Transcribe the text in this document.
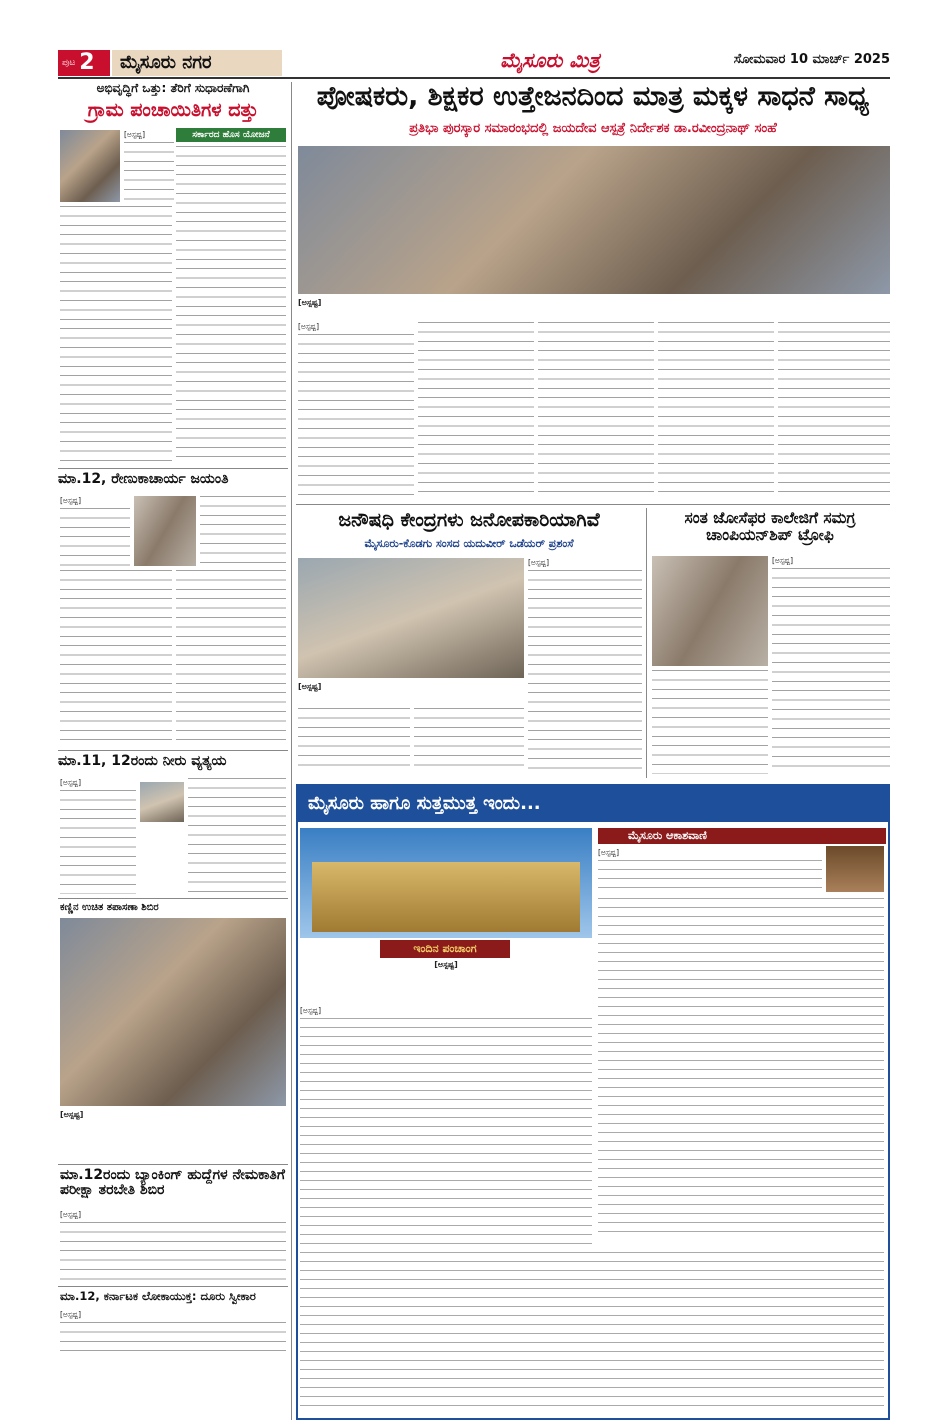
ಪುಟ 2	ಮೈಸೂರು ನಗರ	ಮೈಸೂರು ಮಿತ್ರ	ಸೋಮವಾರ 10 ಮಾರ್ಚ್ 2025
ಅಭಿವೃದ್ಧಿಗೆ ಒತ್ತು: ತೆರಿಗೆ ಸುಧಾರಣೆಗಾಗಿ
ಗ್ರಾಮ ಪಂಚಾಯಿತಿಗಳ ದತ್ತು
ಸರ್ಕಾರದ ಹೊಸ ಯೋಜನೆ
[ಅಸ್ಪಷ್ಟ]
ಮಾ.12, ರೇಣುಕಾಚಾರ್ಯ ಜಯಂತಿ
[ಅಸ್ಪಷ್ಟ]
ಮಾ.11, 12ರಂದು ನೀರು ವ್ಯತ್ಯಯ
[ಅಸ್ಪಷ್ಟ]
ಕಣ್ಣಿನ ಉಚಿತ ತಪಾಸಣಾ ಶಿಬಿರ
[ಅಸ್ಪಷ್ಟ]
ಮಾ.12ರಂದು ಬ್ಯಾಂಕಿಂಗ್ ಹುದ್ದೆಗಳ ನೇಮಕಾತಿಗೆ ಪರೀಕ್ಷಾ ತರಬೇತಿ ಶಿಬಿರ
[ಅಸ್ಪಷ್ಟ]
ಮಾ.12, ಕರ್ನಾಟಕ ಲೋಕಾಯುಕ್ತ: ದೂರು ಸ್ವೀಕಾರ
[ಅಸ್ಪಷ್ಟ]
ಪೋಷಕರು, ಶಿಕ್ಷಕರ ಉತ್ತೇಜನದಿಂದ ಮಾತ್ರ ಮಕ್ಕಳ ಸಾಧನೆ ಸಾಧ್ಯ
ಪ್ರತಿಭಾ ಪುರಸ್ಕಾರ ಸಮಾರಂಭದಲ್ಲಿ ಜಯದೇವ ಆಸ್ಪತ್ರೆ ನಿರ್ದೇಶಕ ಡಾ.ರವೀಂದ್ರನಾಥ್ ಸಂಹೆ
[ಅಸ್ಪಷ್ಟ]
[ಅಸ್ಪಷ್ಟ]
ಜನೌಷಧಿ ಕೇಂದ್ರಗಳು ಜನೋಪಕಾರಿಯಾಗಿವೆ
ಮೈಸೂರು-ಕೊಡಗು ಸಂಸದ ಯದುವೀರ್ ಒಡೆಯರ್ ಪ್ರಶಂಸೆ
[ಅಸ್ಪಷ್ಟ]
[ಅಸ್ಪಷ್ಟ]
ಸಂತ ಜೋಸೆಫರ ಕಾಲೇಜಿಗೆ ಸಮಗ್ರ ಚಾಂಪಿಯನ್‌ಶಿಪ್ ಟ್ರೋಫಿ
[ಅಸ್ಪಷ್ಟ]
ಮೈಸೂರು ಹಾಗೂ ಸುತ್ತಮುತ್ತ ಇಂದು...
ಇಂದಿನ ಪಂಚಾಂಗ
[ಅಸ್ಪಷ್ಟ]
ಮೈಸೂರು ಆಕಾಶವಾಣಿ
[ಅಸ್ಪಷ್ಟ]
[ಅಸ್ಪಷ್ಟ]
